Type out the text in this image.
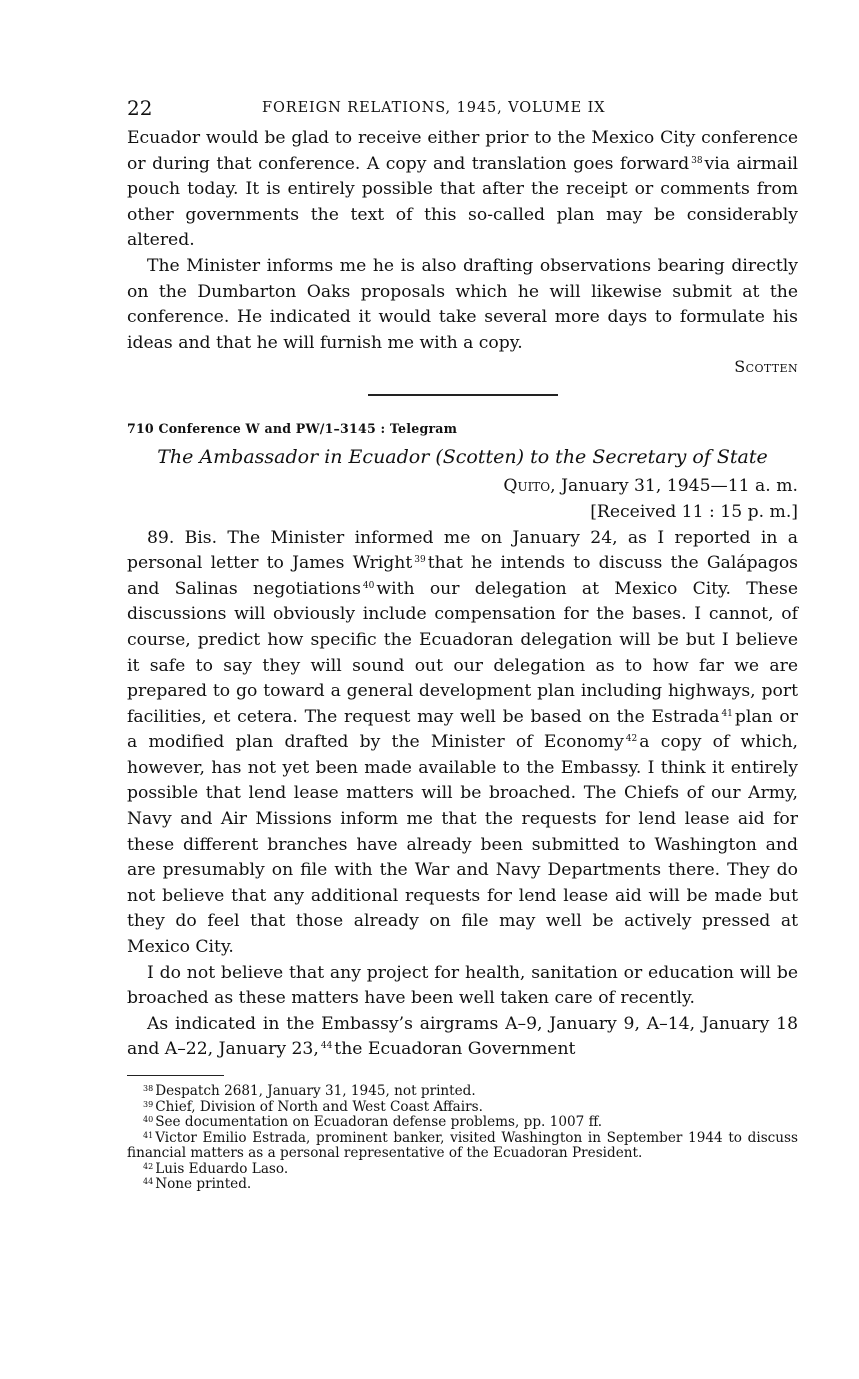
22	FOREIGN RELATIONS, 1945, VOLUME IX

Ecuador would be glad to receive either prior to the Mexico City conference or during that conference. A copy and translation goes forward $^{38}$ via airmail pouch today. It is entirely possible that after the receipt or comments from other governments the text of this so-called plan may be considerably altered.

The Minister informs me he is also drafting observations bearing directly on the Dumbarton Oaks proposals which he will likewise submit at the conference. He indicated it would take several more days to formulate his ideas and that he will furnish me with a copy.

Scotten

710 Conference W and PW/1–3145 : Telegram

The Ambassador in Ecuador (Scotten) to the Secretary of State

Quito, January 31, 1945—11 a. m.

[Received 11 : 15 p. m.]

89. Bis. The Minister informed me on January 24, as I reported in a personal letter to James Wright $^{39}$ that he intends to discuss the Galápagos and Salinas negotiations $^{40}$ with our delegation at Mexico City. These discussions will obviously include compensation for the bases. I cannot, of course, predict how specific the Ecuadoran delegation will be but I believe it safe to say they will sound out our delegation as to how far we are prepared to go toward a general development plan including highways, port facilities, et cetera. The request may well be based on the Estrada $^{41}$ plan or a modified plan drafted by the Minister of Economy $^{42}$ a copy of which, however, has not yet been made available to the Embassy. I think it entirely possible that lend lease matters will be broached. The Chiefs of our Army, Navy and Air Missions inform me that the requests for lend lease aid for these different branches have already been submitted to Washington and are presumably on file with the War and Navy Departments there. They do not believe that any additional requests for lend lease aid will be made but they do feel that those already on file may well be actively pressed at Mexico City.

I do not believe that any project for health, sanitation or education will be broached as these matters have been well taken care of recently.

As indicated in the Embassy’s airgrams A–9, January 9, A–14, January 18 and A–22, January 23, $^{44}$ the Ecuadoran Government

$^{38}$ Despatch 2681, January 31, 1945, not printed.

$^{39}$ Chief, Division of North and West Coast Affairs.

$^{40}$ See documentation on Ecuadoran defense problems, pp. 1007 ff.

$^{41}$ Victor Emilio Estrada, prominent banker, visited Washington in September 1944 to discuss financial matters as a personal representative of the Ecuadoran President.

$^{42}$ Luis Eduardo Laso.

$^{44}$ None printed.
